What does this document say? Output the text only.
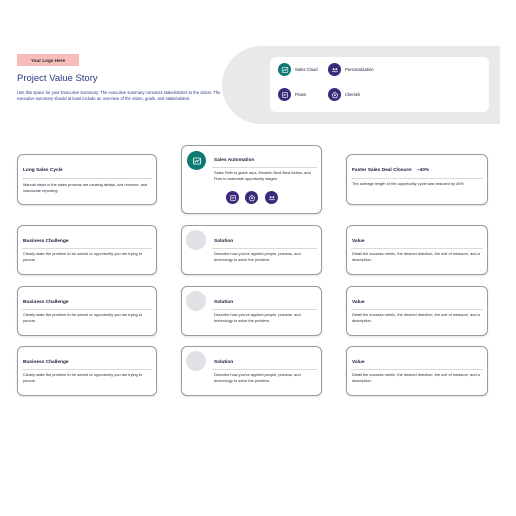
Your Logo Here
Project Value Story
Use this space for your Executive Summary. The executive summary connects stakeholders to the vision. The executive summary should at least include an overview of the vision, goals, and stakeholders.
Sales Cloud	Personalization
Flows	Clienteli
Long Sales Cycle
Manual steps in the sales process are causing delays, lost revenue, and inaccurate reporting.
Sales Automation
Sales Path to guide reps, Einstein Next Best Action, and Flow to automate opportunity stages.
Faster Sales Deal Closure: ~40%
The average length of the opportunity cycle was reduced by 40%
Business Challenge
Clearly state the problem to be solved or opportunity you are trying to pursue.
Solution
Describe how you've applied people, process, and technology to solve the problem.
Value
Detail the success metric, the desired direction, the unit of measure, and a description.
Business Challenge
Clearly state the problem to be solved or opportunity you are trying to pursue.
Solution
Describe how you've applied people, process, and technology to solve the problem.
Value
Detail the success metric, the desired direction, the unit of measure, and a description.
Business Challenge
Clearly state the problem to be solved or opportunity you are trying to pursue.
Solution
Describe how you've applied people, process, and technology to solve the problem.
Value
Detail the success metric, the desired direction, the unit of measure, and a description.
